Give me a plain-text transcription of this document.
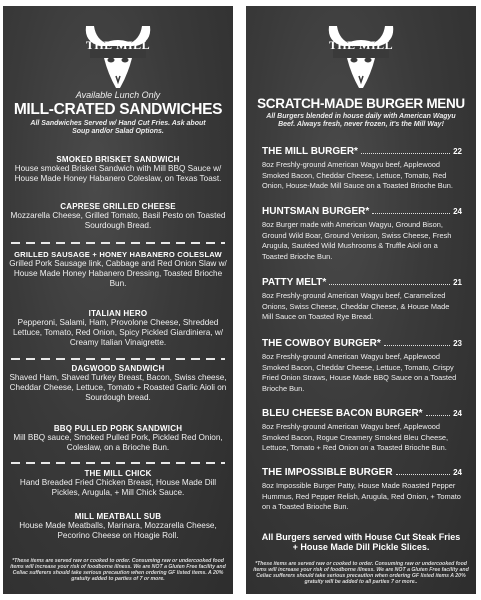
THE MILL
Available Lunch Only
MILL-CRATED SANDWICHES
All Sandwiches Served w/ Hand Cut Fries. Ask about Soup and/or Salad Options.
SMOKED BRISKET SANDWICH
House smoked Brisket Sandwich with Mill BBQ Sauce w/ House Made Honey Habanero Coleslaw, on Texas Toast.
CAPRESE GRILLED CHEESE
Mozzarella Cheese, Grilled Tomato, Basil Pesto on Toasted Sourdough Bread.
GRILLED SAUSAGE + HONEY HABANERO COLESLAW
Grilled Pork Sausage link, Cabbage and Red Onion Slaw w/ House Made Honey Habanero Dressing, Toasted Brioche Bun.
ITALIAN HERO
Pepperoni, Salami, Ham, Provolone Cheese, Shredded Lettuce, Tomato, Red Onion, Spicy Pickled Giardiniera, w/ Creamy Italian Vinaigrette.
DAGWOOD SANDWICH
Shaved Ham, Shaved Turkey Breast, Bacon, Swiss cheese, Cheddar Cheese, Lettuce, Tomato + Roasted Garlic Aioli on Sourdough bread.
BBQ PULLED PORK SANDWICH
Mill BBQ sauce, Smoked Pulled Pork, Pickled Red Onion, Coleslaw, on a Brioche Bun.
THE MILL CHICK
Hand Breaded Fried Chicken Breast, House Made Dill Pickles, Arugula, + Mill Chick Sauce.
MILL MEATBALL SUB
House Made Meatballs, Marinara, Mozzarella Cheese, Pecorino Cheese on Hoagie Roll.
*These items are served raw or cooked to order. Consuming raw or undercooked food items will increase your risk of foodborne illness. We are NOT a Gluten Free facility and Celiac sufferers should take serious precaution when ordering GF listed items. A 20% gratuity added to parties of 7 or more.
THE MILL
SCRATCH-MADE BURGER MENU
All Burgers blended in house daily with American Wagyu Beef. Always fresh, never frozen, it's the Mill Way!
THE MILL BURGER*	22
8oz Freshly-ground American Wagyu beef, Applewood Smoked Bacon, Cheddar Cheese, Lettuce, Tomato, Red Onion, House-Made Mill Sauce on a Toasted Brioche Bun.
HUNTSMAN BURGER*	24
8oz Burger made with American Wagyu, Ground Bison, Ground Wild Boar, Ground Venison, Swiss Cheese, Fresh Arugula, Sautéed Wild Mushrooms & Truffle Aioli on a Toasted Brioche Bun.
PATTY MELT*	21
8oz Freshly-ground American Wagyu beef, Caramelized Onions, Swiss Cheese, Cheddar Cheese, & House Made Mill Sauce on Toasted Rye Bread.
THE COWBOY BURGER*	23
8oz Freshly-ground American Wagyu beef, Applewood Smoked Bacon, Cheddar Cheese, Lettuce, Tomato, Crispy Fried Onion Straws, House Made BBQ Sauce on a Toasted Brioche Bun.
BLEU CHEESE BACON BURGER*	24
8oz Freshly-ground American Wagyu beef, Applewood Smoked Bacon, Rogue Creamery Smoked Bleu Cheese, Lettuce, Tomato + Red Onion on a Toasted Brioche Bun.
THE IMPOSSIBLE BURGER	24
8oz Impossible Burger Patty, House Made Roasted Pepper Hummus, Red Pepper Relish, Arugula, Red Onion, + Tomato on a Toasted Brioche Bun.
All Burgers served with House Cut Steak Fries + House Made Dill Pickle Slices.
*These items are served raw or cooked to order. Consuming raw or undercooked food items will increase your risk of foodborne illness. We are NOT a Gluten Free facility and Celiac sufferers should take serious precaution when ordering GF listed items A 20% gratuity will be added to all parties 7 or more..
